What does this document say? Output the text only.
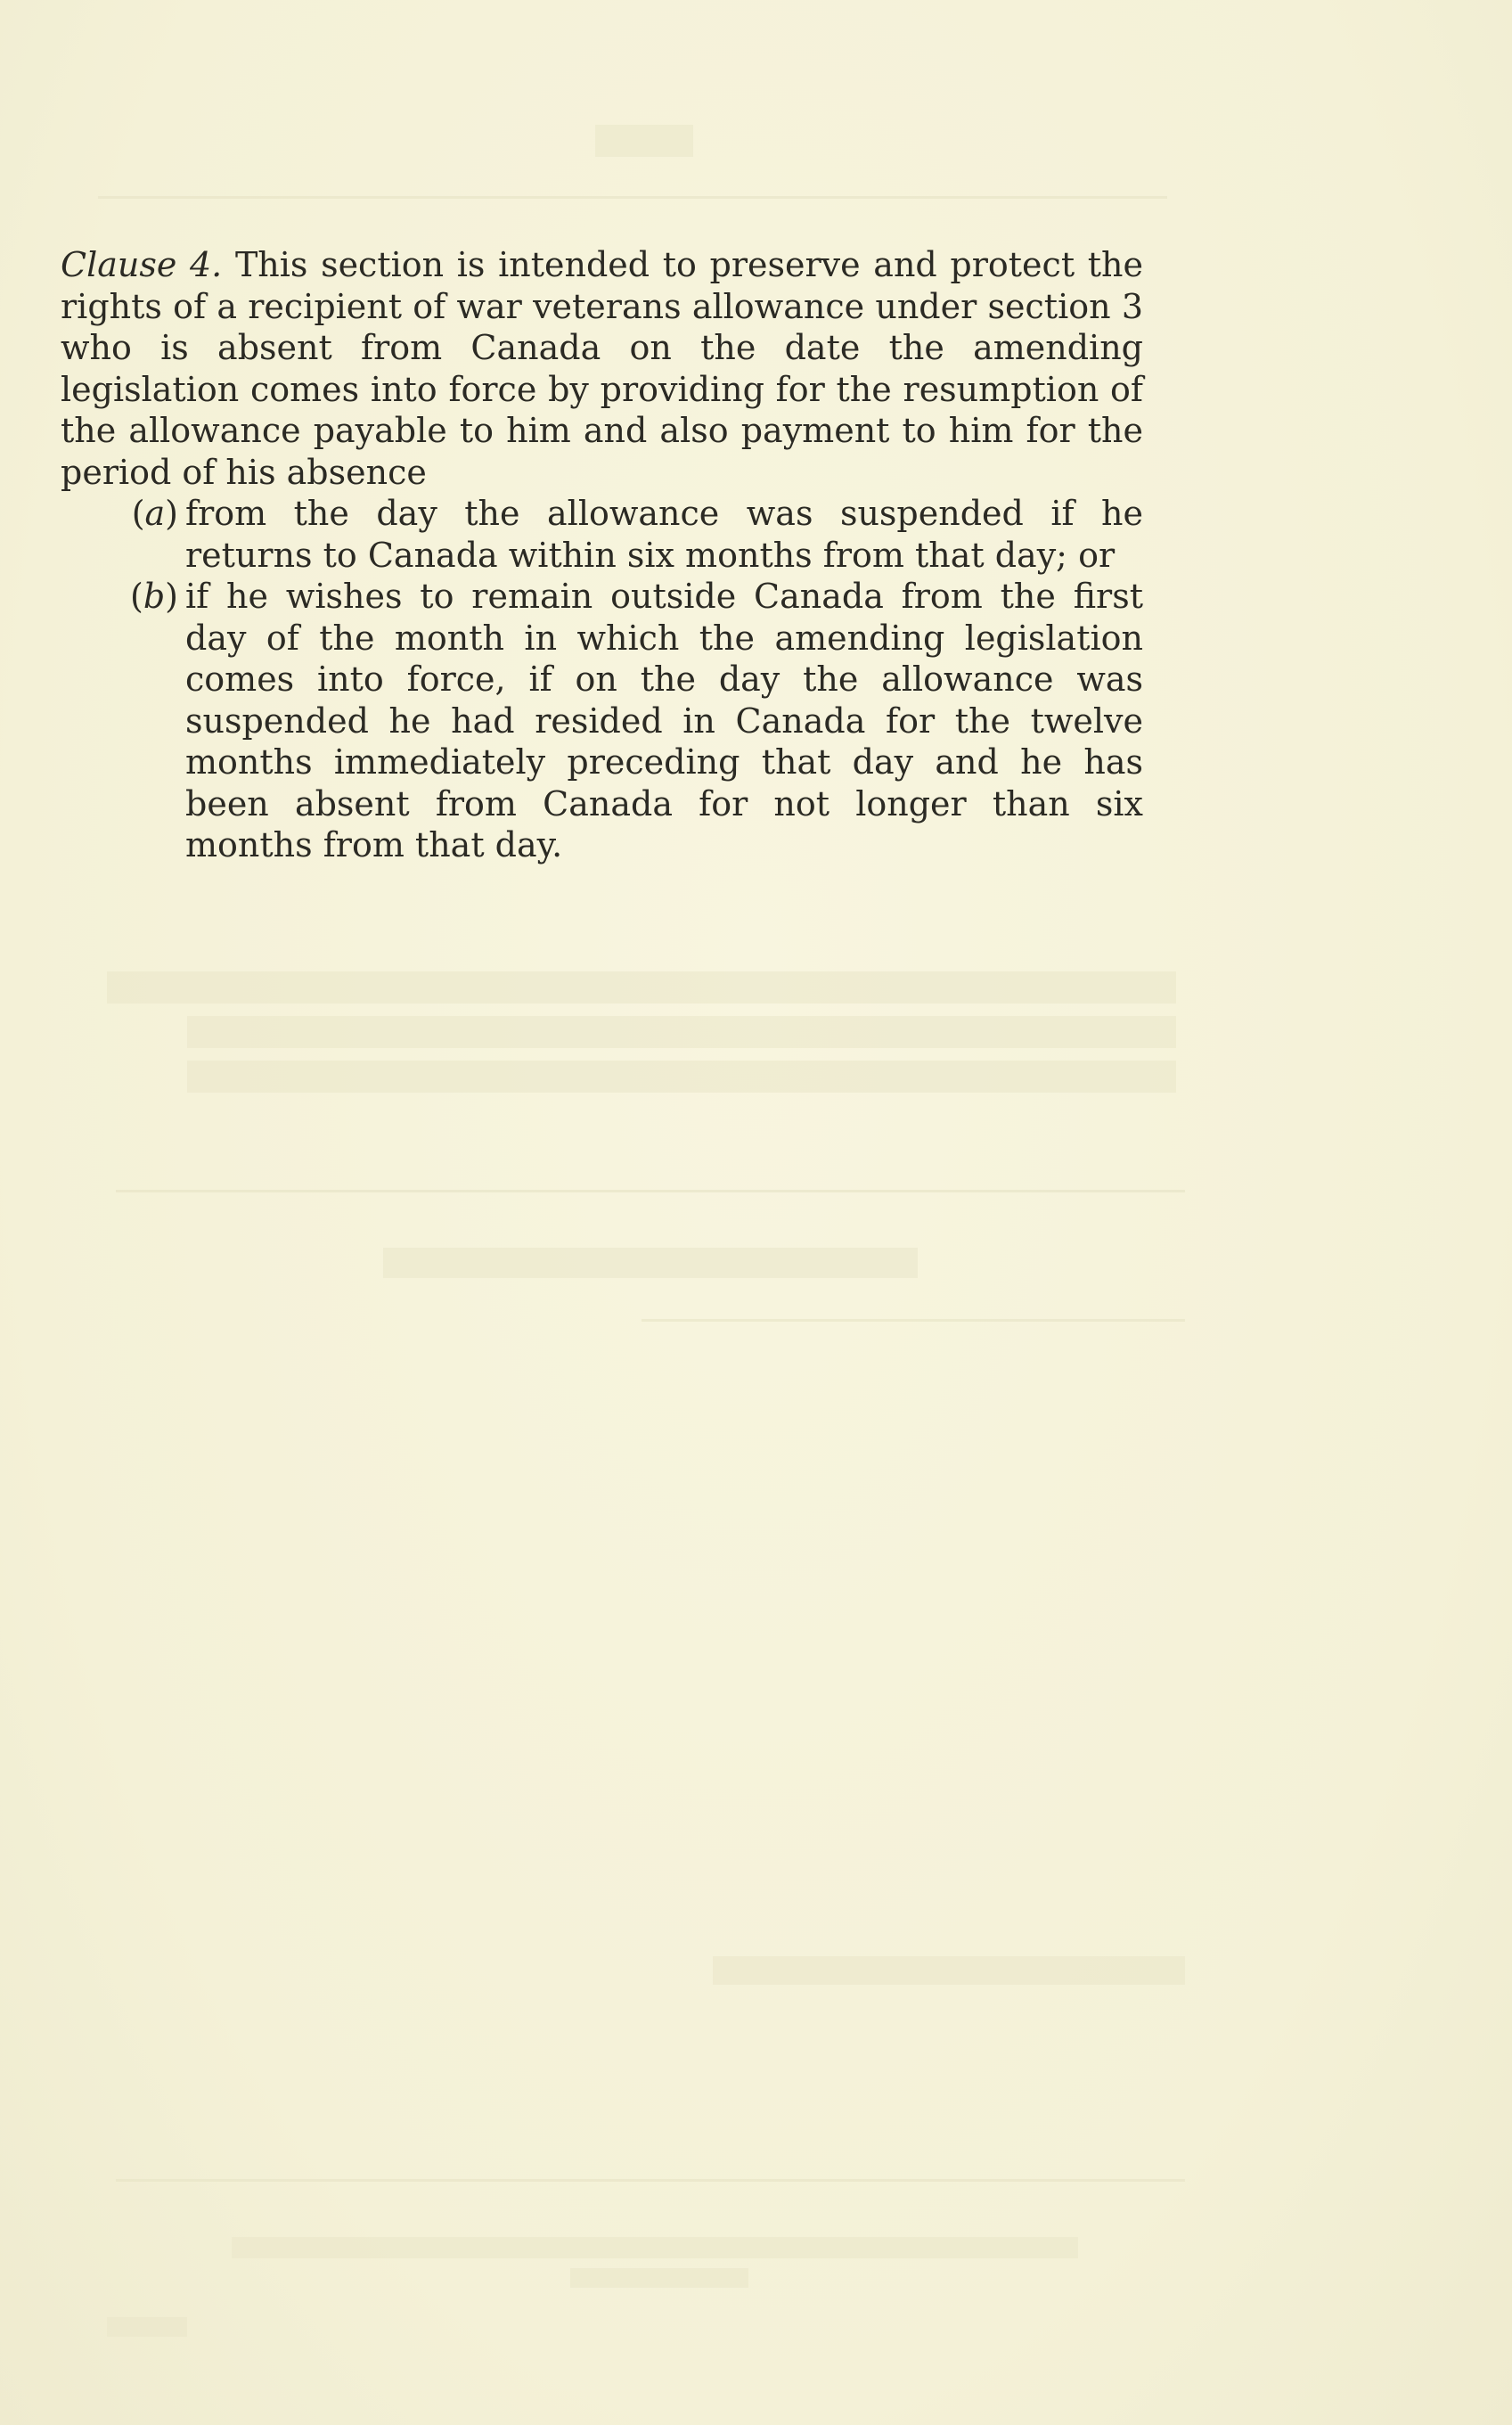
Clause 4. This section is intended to preserve and protect the rights of a recipient of war veterans allowance under section 3 who is absent from Canada on the date the amending legislation comes into force by providing for the resumption of the allowance payable to him and also payment to him for the period of his absence

(a) from the day the allowance was suspended if he returns to Canada within six months from that day; or
(b) if he wishes to remain outside Canada from the first day of the month in which the amending legislation comes into force, if on the day the allowance was suspended he had resided in Canada for the twelve months immediately preceding that day and he has been absent from Canada for not longer than six months from that day.
